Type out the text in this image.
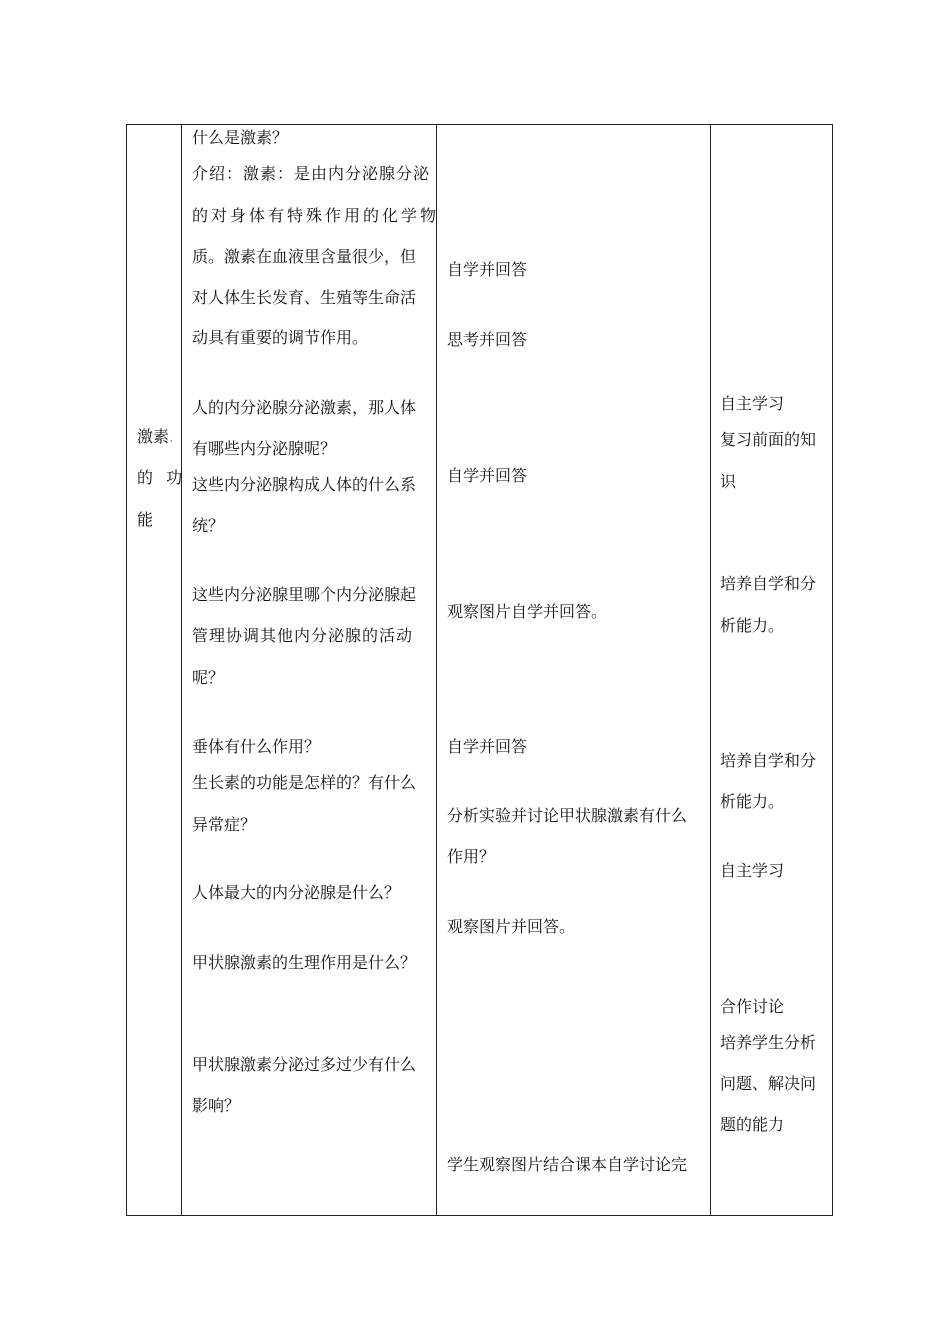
激素.
的 功
能
什么是激素？
介绍：激素：是由内分泌腺分泌
的对身体有特殊作用的化学物
质。激素在血液里含量很少，但
对人体生长发育、生殖等生命活
动具有重要的调节作用。
人的内分泌腺分泌激素，那人体
有哪些内分泌腺呢？
这些内分泌腺构成人体的什么系
统？
这些内分泌腺里哪个内分泌腺起
管理协调其他内分泌腺的活动
呢？
垂体有什么作用？
生长素的功能是怎样的？有什么
异常症？
人体最大的内分泌腺是什么？
甲状腺激素的生理作用是什么？
甲状腺激素分泌过多过少有什么
影响？
自学并回答
思考并回答
自学并回答
观察图片自学并回答。
自学并回答
分析实验并讨论甲状腺激素有什么
作用？
观察图片并回答。
学生观察图片结合课本自学讨论完
自主学习
复习前面的知
识
培养自学和分
析能力。
培养自学和分
析能力。
自主学习
合作讨论
培养学生分析
问题、解决问
题的能力
